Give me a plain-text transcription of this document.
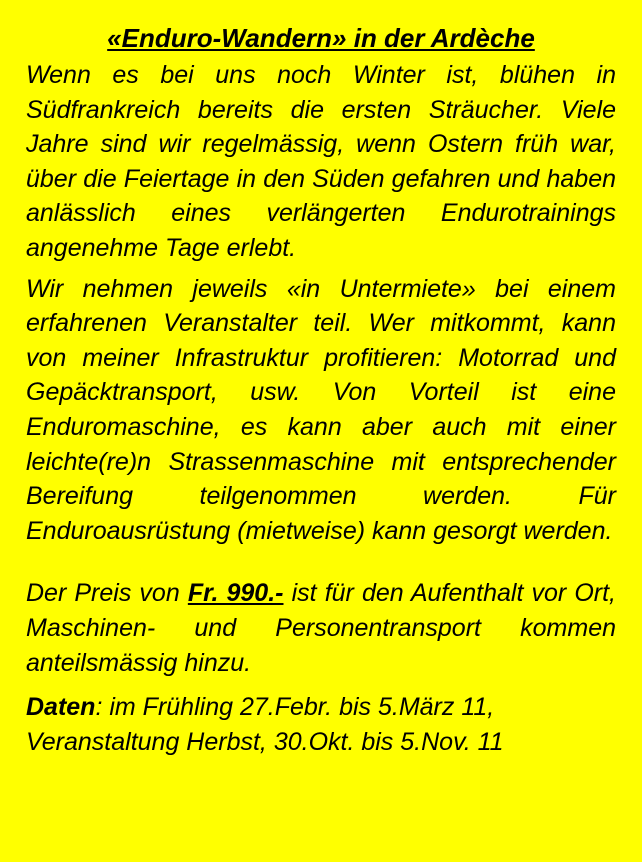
«Enduro-Wandern» in der Ardèche

Wenn es bei uns noch Winter ist, blühen in Südfrankreich bereits die ersten Sträucher. Viele Jahre sind wir regelmässig, wenn Ostern früh war, über die Feiertage in den Süden gefahren und haben anlässlich eines verlängerten Endurotrainings angenehme Tage erlebt.

Wir nehmen jeweils «in Untermiete» bei einem erfahrenen Veranstalter teil. Wer mitkommt, kann von meiner Infrastruktur profitieren: Motorrad und Gepäcktransport, usw. Von Vorteil ist eine Enduromaschine, es kann aber auch mit einer leichte(re)n Strassenmaschine mit entsprechender Bereifung teilgenommen werden. Für Enduroausrüstung (mietweise) kann gesorgt werden.

Der Preis von Fr. 990.- ist für den Aufenthalt vor Ort, Maschinen- und Personentransport kommen anteilsmässig hinzu.

Daten: im Frühling 27.Febr. bis 5.März 11,
Veranstaltung Herbst, 30.Okt. bis 5.Nov. 11
